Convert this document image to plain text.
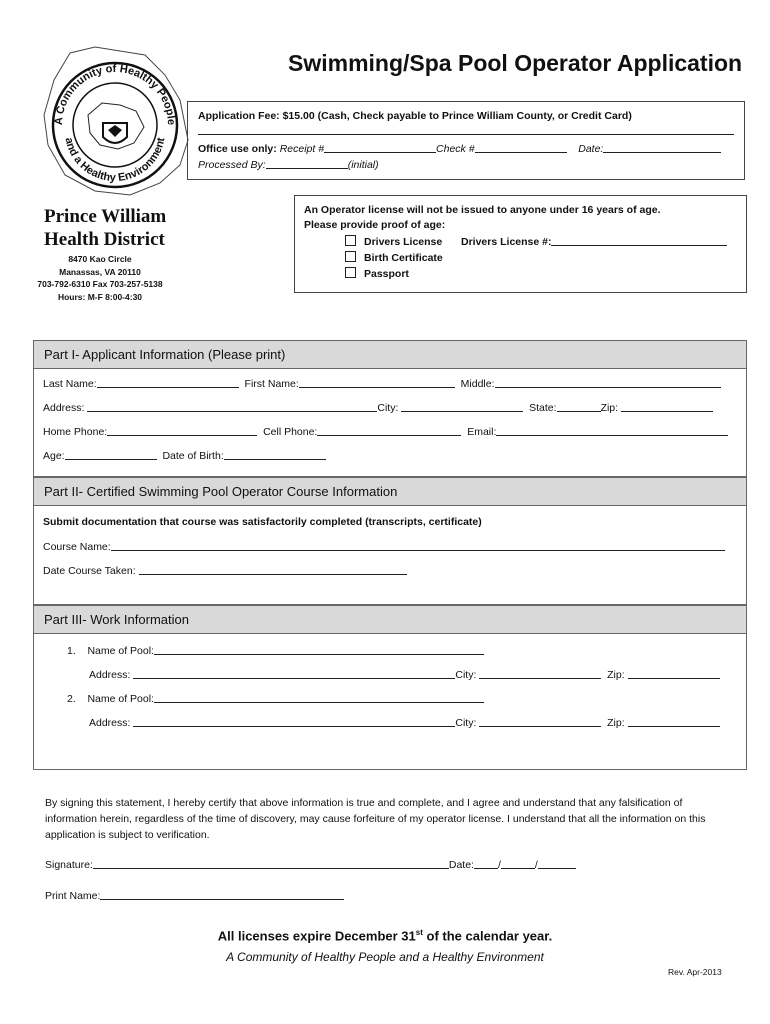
Swimming/Spa Pool Operator Application
A Community of Healthy People
and a Healthy Environment
Prince William
Health District
8470 Kao Circle
Manassas, VA 20110
703-792-6310 Fax 703-257-5138
Hours: M-F 8:00-4:30
Application Fee: $15.00 (Cash, Check payable to Prince William County, or Credit Card)
Office use only: Receipt #	Check #	Date:
Processed By:	(initial)
An Operator license will not be issued to anyone under 16 years of age.
Please provide proof of age:
Drivers License Drivers License #:
Birth Certificate
Passport
Part I- Applicant Information (Please print)
Last Name:	First Name:	Middle:
Address:	City:	State:	Zip:
Home Phone:	Cell Phone:	Email:
Age:	Date of Birth:
Part II- Certified Swimming Pool Operator Course Information
Submit documentation that course was satisfactorily completed (transcripts, certificate)
Course Name:
Date Course Taken:
Part III- Work Information
1. Name of Pool:
Address:	City:	Zip:
2. Name of Pool:
Address:	City:	Zip:
By signing this statement, I hereby certify that above information is true and complete, and I agree and understand that any falsification of information herein, regardless of the time of discovery, may cause forfeiture of my operator license. I understand that all the information on this application is subject to verification.
Signature:	Date: /	/
Print Name:
All licenses expire December 31st of the calendar year.
A Community of Healthy People and a Healthy Environment
Rev. Apr-2013
